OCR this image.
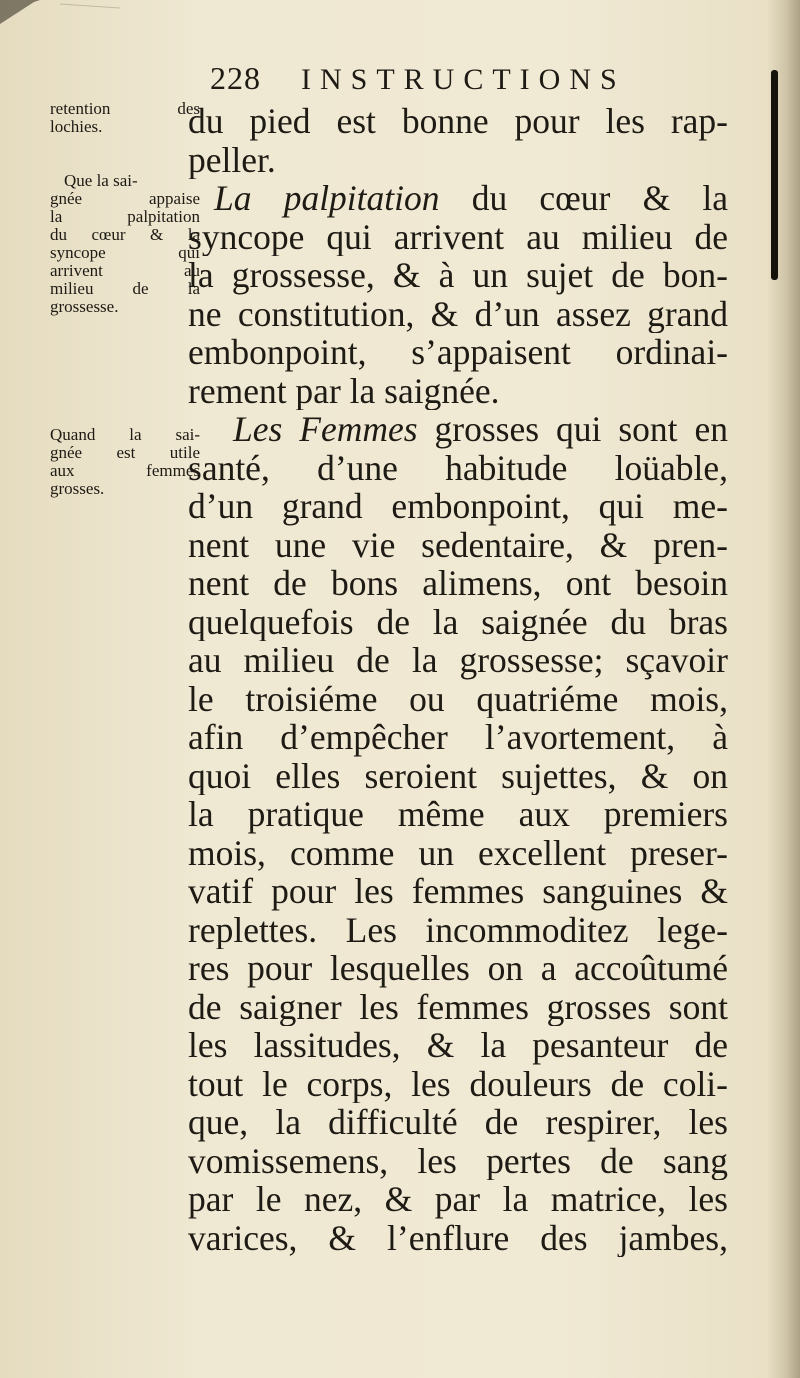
228 INSTRUCTIONS

retention des
lochies.

Que la sai-
gnée appaise
la palpitation
du cœur & la
syncope qui
arrivent au
milieu de la
grossesse.

Quand la sai-
gnée est utile
aux femmes
grosses.

du pied est bonne pour les rap-
peller.
La palpitation du cœur & la
syncope qui arrivent au milieu de
la grossesse, & à un sujet de bon-
ne constitution, & d’un assez grand
embonpoint, s’appaisent ordinai-
rement par la saignée.
Les Femmes grosses qui sont en
santé, d’une habitude loüable,
d’un grand embonpoint, qui me-
nent une vie sedentaire, & pren-
nent de bons alimens, ont besoin
quelquefois de la saignée du bras
au milieu de la grossesse; sçavoir
le troisiéme ou quatriéme mois,
afin d’empêcher l’avortement, à
quoi elles seroient sujettes, & on
la pratique même aux premiers
mois, comme un excellent preser-
vatif pour les femmes sanguines &
replettes. Les incommoditez lege-
res pour lesquelles on a accoûtumé
de saigner les femmes grosses sont
les lassitudes, & la pesanteur de
tout le corps, les douleurs de coli-
que, la difficulté de respirer, les
vomissemens, les pertes de sang
par le nez, & par la matrice, les
varices, & l’enflure des jambes,
